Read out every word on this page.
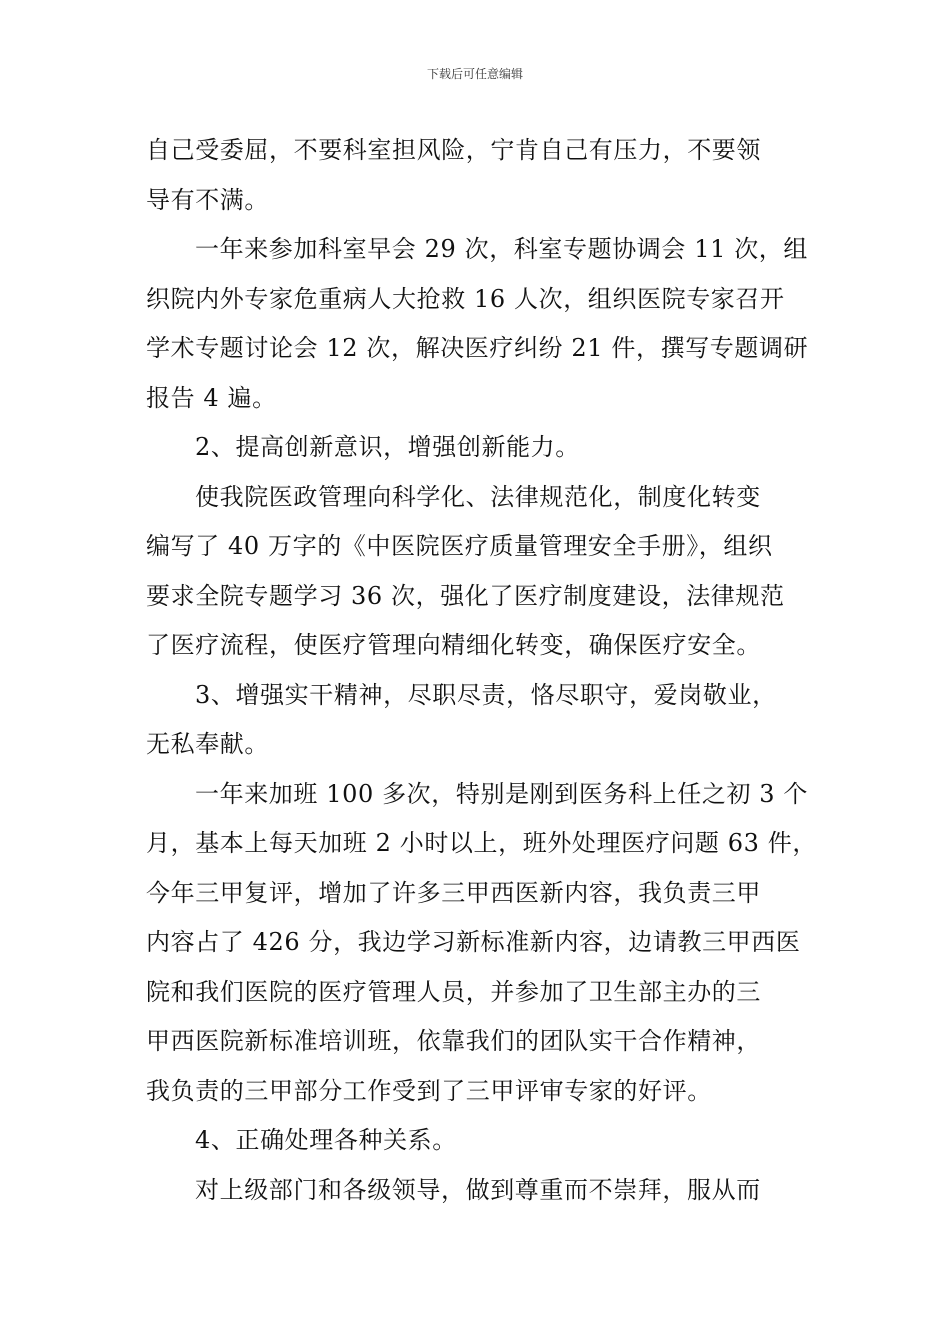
下载后可任意编辑
自己受委屈，不要科室担风险，宁肯自己有压力，不要领
导有不满。
一年来参加科室早会 29 次，科室专题协调会 11 次，组
织院内外专家危重病人大抢救 16 人次，组织医院专家召开
学术专题讨论会 12 次，解决医疗纠纷 21 件，撰写专题调研
报告 4 遍。
2、提高创新意识，增强创新能力。
使我院医政管理向科学化、法律规范化，制度化转变
编写了 40 万字的《中医院医疗质量管理安全手册》，组织
要求全院专题学习 36 次，强化了医疗制度建设，法律规范
了医疗流程，使医疗管理向精细化转变，确保医疗安全。
3、增强实干精神，尽职尽责，恪尽职守，爱岗敬业，
无私奉献。
一年来加班 100 多次，特别是刚到医务科上任之初 3 个
月，基本上每天加班 2 小时以上，班外处理医疗问题 63 件，
今年三甲复评，增加了许多三甲西医新内容，我负责三甲
内容占了 426 分，我边学习新标准新内容，边请教三甲西医
院和我们医院的医疗管理人员，并参加了卫生部主办的三
甲西医院新标准培训班，依靠我们的团队实干合作精神，
我负责的三甲部分工作受到了三甲评审专家的好评。
4、正确处理各种关系。
对上级部门和各级领导，做到尊重而不崇拜，服从而
